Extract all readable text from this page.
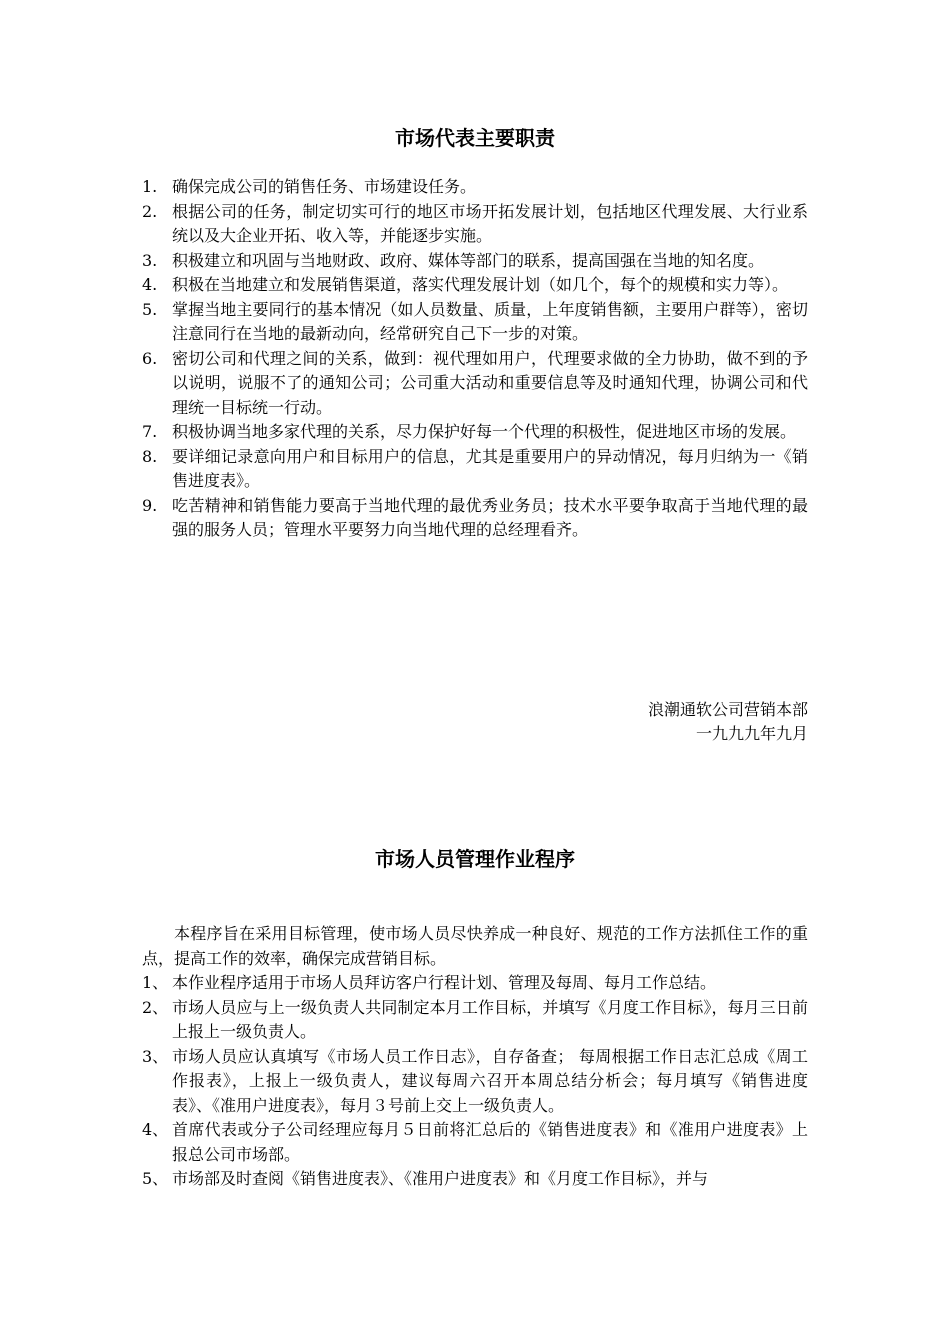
市场代表主要职责
1. 确保完成公司的销售任务、市场建设任务。
2. 根据公司的任务，制定切实可行的地区市场开拓发展计划，包括地区代理发展、大行业系统以及大企业开拓、收入等，并能逐步实施。
3. 积极建立和巩固与当地财政、政府、媒体等部门的联系，提高国强在当地的知名度。
4. 积极在当地建立和发展销售渠道，落实代理发展计划（如几个，每个的规模和实力等）。
5. 掌握当地主要同行的基本情况（如人员数量、质量，上年度销售额，主要用户群等），密切注意同行在当地的最新动向，经常研究自己下一步的对策。
6. 密切公司和代理之间的关系，做到：视代理如用户，代理要求做的全力协助，做不到的予以说明，说服不了的通知公司；公司重大活动和重要信息等及时通知代理，协调公司和代理统一目标统一行动。
7. 积极协调当地多家代理的关系，尽力保护好每一个代理的积极性，促进地区市场的发展。
8. 要详细记录意向用户和目标用户的信息，尤其是重要用户的异动情况，每月归纳为一《销售进度表》。
9. 吃苦精神和销售能力要高于当地代理的最优秀业务员；技术水平要争取高于当地代理的最强的服务人员；管理水平要努力向当地代理的总经理看齐。
浪潮通软公司营销本部
一九九九年九月
市场人员管理作业程序
本程序旨在采用目标管理，使市场人员尽快养成一种良好、规范的工作方法抓住工作的重点，提高工作的效率，确保完成营销目标。
1、 本作业程序适用于市场人员拜访客户行程计划、管理及每周、每月工作总结。
2、 市场人员应与上一级负责人共同制定本月工作目标，并填写《月度工作目标》，每月三日前上报上一级负责人。
3、 市场人员应认真填写《市场人员工作日志》，自存备查； 每周根据工作日志汇总成《周工作报表》，上报上一级负责人，建议每周六召开本周总结分析会；每月填写《销售进度表》、《准用户进度表》，每月３号前上交上一级负责人。
4、 首席代表或分子公司经理应每月５日前将汇总后的《销售进度表》和《准用户进度表》上报总公司市场部。
5、 市场部及时查阅《销售进度表》、《准用户进度表》和《月度工作目标》，并与
